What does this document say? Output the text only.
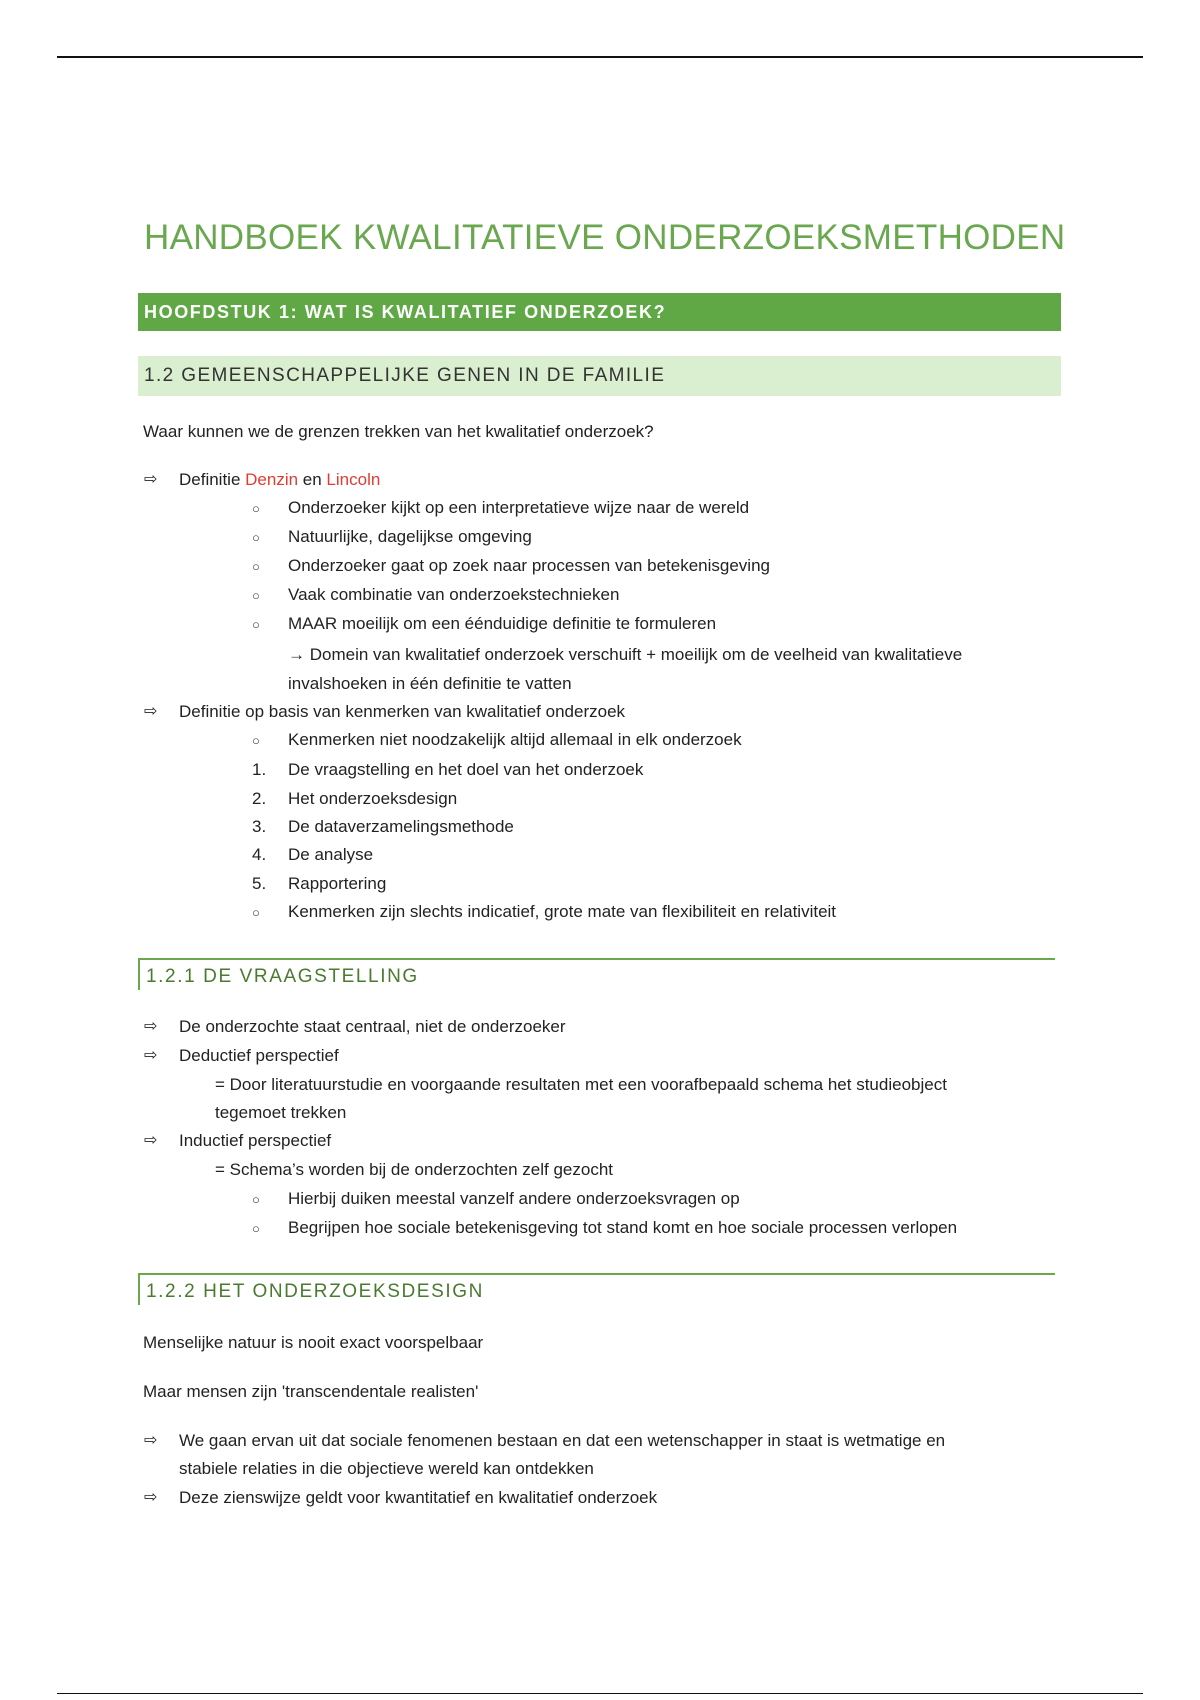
HANDBOEK KWALITATIEVE ONDERZOEKSMETHODEN
HOOFDSTUK 1: WAT IS KWALITATIEF ONDERZOEK?
1.2 GEMEENSCHAPPELIJKE GENEN IN DE FAMILIE
Waar kunnen we de grenzen trekken van het kwalitatief onderzoek?
⇨ Definitie Denzin en Lincoln
○ Onderzoeker kijkt op een interpretatieve wijze naar de wereld
○ Natuurlijke, dagelijkse omgeving
○ Onderzoeker gaat op zoek naar processen van betekenisgeving
○ Vaak combinatie van onderzoekstechnieken
○ MAAR moeilijk om een éénduidige definitie te formuleren
→ Domein van kwalitatief onderzoek verschuift + moeilijk om de veelheid van kwalitatieve
invalshoeken in één definitie te vatten
⇨ Definitie op basis van kenmerken van kwalitatief onderzoek
○ Kenmerken niet noodzakelijk altijd allemaal in elk onderzoek
1. De vraagstelling en het doel van het onderzoek
2. Het onderzoeksdesign
3. De dataverzamelingsmethode
4. De analyse
5. Rapportering
○ Kenmerken zijn slechts indicatief, grote mate van flexibiliteit en relativiteit
1.2.1 DE VRAAGSTELLING
⇨ De onderzochte staat centraal, niet de onderzoeker
⇨ Deductief perspectief
= Door literatuurstudie en voorgaande resultaten met een voorafbepaald schema het studieobject
tegemoet trekken
⇨ Inductief perspectief
= Schema’s worden bij de onderzochten zelf gezocht
○ Hierbij duiken meestal vanzelf andere onderzoeksvragen op
○ Begrijpen hoe sociale betekenisgeving tot stand komt en hoe sociale processen verlopen
1.2.2 HET ONDERZOEKSDESIGN
Menselijke natuur is nooit exact voorspelbaar
Maar mensen zijn 'transcendentale realisten'
⇨ We gaan ervan uit dat sociale fenomenen bestaan en dat een wetenschapper in staat is wetmatige en
stabiele relaties in die objectieve wereld kan ontdekken
⇨ Deze zienswijze geldt voor kwantitatief en kwalitatief onderzoek
